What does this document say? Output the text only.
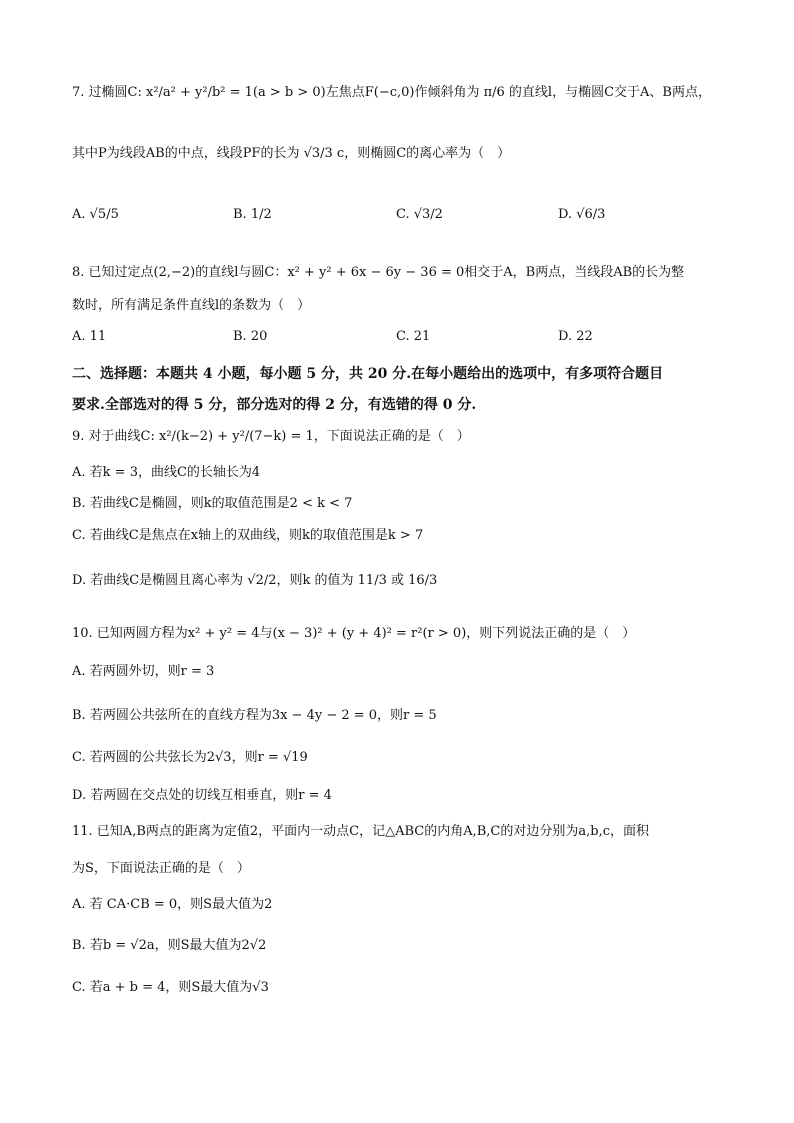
7. 过椭圆C: x²/a² + y²/b² = 1(a > b > 0)左焦点F(−c,0)作倾斜角为 π/6 的直线l，与椭圆C交于A、B两点，
其中P为线段AB的中点，线段PF的长为 √3/3 c，则椭圆C的离心率为（　）
A. √5/5	B. 1/2	C. √3/2	D. √6/3
8. 已知过定点(2,−2)的直线l与圆C：x² + y² + 6x − 6y − 36 = 0相交于A，B两点，当线段AB的长为整
数时，所有满足条件直线l的条数为（　）
A. 11	B. 20	C. 21	D. 22
二、选择题：本题共 4 小题，每小题 5 分，共 20 分.在每小题给出的选项中，有多项符合题目
要求.全部选对的得 5 分，部分选对的得 2 分，有选错的得 0 分.
9. 对于曲线C: x²/(k−2) + y²/(7−k) = 1，下面说法正确的是（　）
A. 若k = 3，曲线C的长轴长为4
B. 若曲线C是椭圆，则k的取值范围是2 < k < 7
C. 若曲线C是焦点在x轴上的双曲线，则k的取值范围是k > 7
D. 若曲线C是椭圆且离心率为 √2/2，则k 的值为 11/3 或 16/3
10. 已知两圆方程为x² + y² = 4与(x − 3)² + (y + 4)² = r²(r > 0)，则下列说法正确的是（　）
A. 若两圆外切，则r = 3
B. 若两圆公共弦所在的直线方程为3x − 4y − 2 = 0，则r = 5
C. 若两圆的公共弦长为2√3，则r = √19
D. 若两圆在交点处的切线互相垂直，则r = 4
11. 已知A,B两点的距离为定值2，平面内一动点C，记△ABC的内角A,B,C的对边分别为a,b,c，面积
为S，下面说法正确的是（　）
A. 若 CA·CB = 0，则S最大值为2
B. 若b = √2a，则S最大值为2√2
C. 若a + b = 4，则S最大值为√3
